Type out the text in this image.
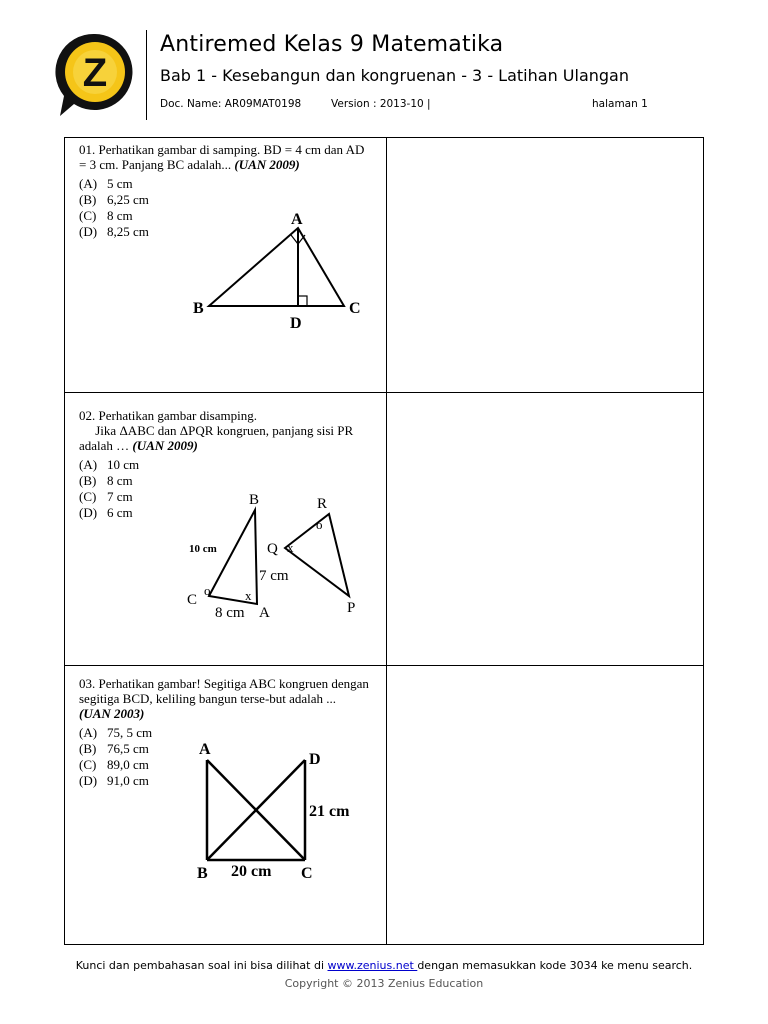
Z
Antiremed Kelas 9 Matematika
Bab 1 - Kesebangun dan kongruenan - 3 - Latihan Ulangan
Doc. Name: AR09MAT0198	Version : 2013-10 |	halaman 1
01. Perhatikan gambar di samping. BD = 4 cm dan AD = 3 cm. Panjang BC adalah... (UAN 2009)
(A) 5 cm
(B) 6,25 cm
(C) 8 cm
(D) 8,25 cm
A
B	C
D
02. Perhatikan gambar disamping.
Jika ΔABC dan ΔPQR kongruen, panjang sisi PR adalah … (UAN 2009)
(A) 10 cm
(B) 8 cm
(C) 7 cm
(D) 6 cm
B
C
A
R
Q
P
10 cm
7 cm
8 cm
o	x
o
x
03. Perhatikan gambar! Segitiga ABC kongruen dengan segitiga BCD, keliling bangun terse-but adalah ... (UAN 2003)
(A) 75, 5 cm
(B) 76,5 cm
(C) 89,0 cm
(D) 91,0 cm
A
D
B	C
20 cm
21 cm
Kunci dan pembahasan soal ini bisa dilihat di www.zenius.net dengan memasukkan kode 3034 ke menu search.
Copyright © 2013 Zenius Education
